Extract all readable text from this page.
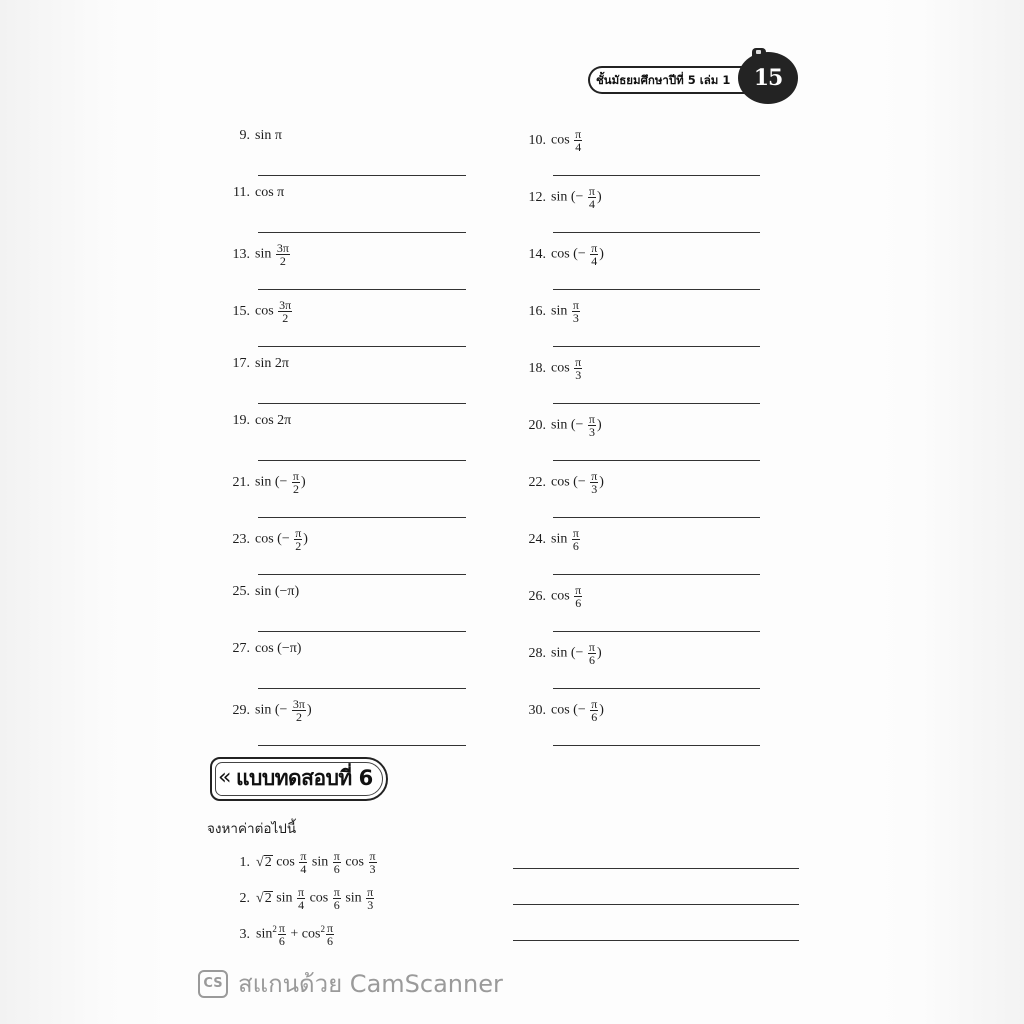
ชั้นมัธยมศึกษาปีที่ 5 เล่ม 1	15
9. sin π	10. $\cos \frac{\pi}{4}$
11. cos π	12. sin (− $\frac{\pi}{4}$ )
13. $\sin \frac{3\pi}{2}$	14. cos (− $\frac{\pi}{4}$ )
15. $\cos \frac{3\pi}{2}$	16. $\sin \frac{\pi}{3}$
17. sin 2π	18. $\cos \frac{\pi}{3}$
19. cos 2π	20. sin (− $\frac{\pi}{3}$ )
21. sin (− $\frac{\pi}{2}$ )	22. cos (− $\frac{\pi}{3}$ )
23. cos (− $\frac{\pi}{2}$ )	24. $\sin \frac{\pi}{6}$
25. sin (−π)	26. $\cos \frac{\pi}{6}$
27. cos (−π)	28. sin (− $\frac{\pi}{6}$ )
29. sin (− $\frac{3\pi}{2}$ )	30. cos (− $\frac{\pi}{6}$ )
« แบบทดสอบที่ 6
จงหาค่าต่อไปนี้
1. √2 $\cos \frac{\pi}{4}$ $\sin \frac{\pi}{6}$ $\cos \frac{\pi}{3}$
2. √2 $\sin \frac{\pi}{4}$ $\cos \frac{\pi}{6}$ $\sin \frac{\pi}{3}$
3. $\sin^2 \frac{\pi}{6} + \cos^2 \frac{\pi}{6}$
CS สแกนด้วย CamScanner
